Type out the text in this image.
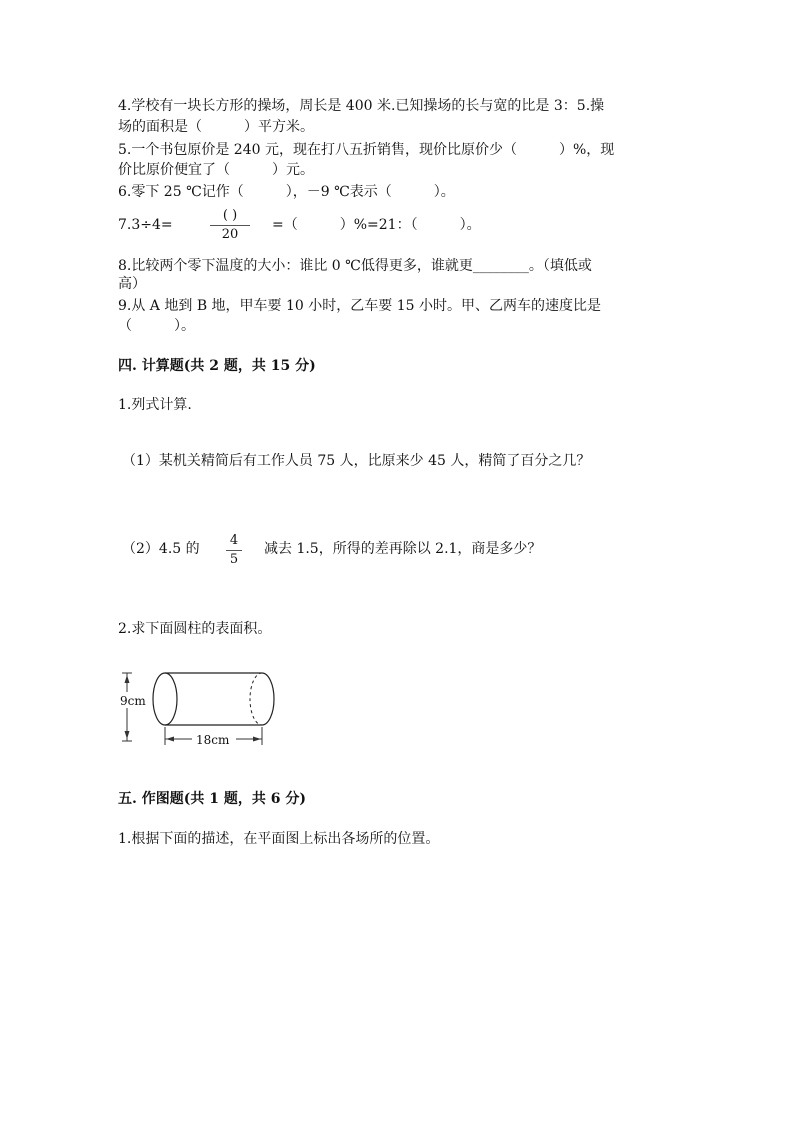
4.学校有一块长方形的操场，周长是 400 米.已知操场的长与宽的比是 3：5.操
场的面积是（　　　）平方米。
5.一个书包原价是 240 元，现在打八五折销售，现价比原价少（　　　）%，现
价比原价便宜了（　　　）元。
6.零下 25 ℃记作（　　　），－9 ℃表示（　　　）。
7.3÷4=
( )
20
=（　　　）%=21：（　　　）。
8.比较两个零下温度的大小：谁比 0 ℃低得更多，谁就更________。（填低或
高）
9.从 A 地到 B 地，甲车要 10 小时，乙车要 15 小时。甲、乙两车的速度比是
（　　　）。
四. 计算题(共 2 题，共 15 分)
1.列式计算.
（1）某机关精简后有工作人员 75 人，比原来少 45 人，精简了百分之几？
（2）4.5 的
4
5
减去 1.5，所得的差再除以 2.1，商是多少？
2.求下面圆柱的表面积。
9cm
18cm
五. 作图题(共 1 题，共 6 分)
1.根据下面的描述，在平面图上标出各场所的位置。
